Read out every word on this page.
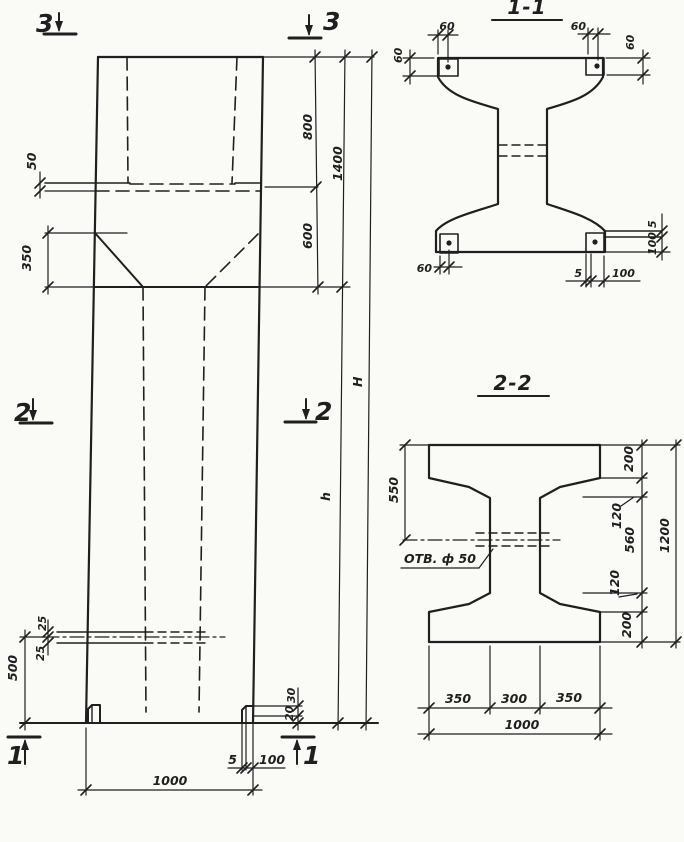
50
350
800
600
1400
h
H
25
25
500
30
20
5 100
1000
3	3
2	2
1	1
1-1
60
60
60
60
60	5	100
5
100
2-2
ОТВ. ф 50
550
200
120
560
120
200
1200
350 300 350
1000
